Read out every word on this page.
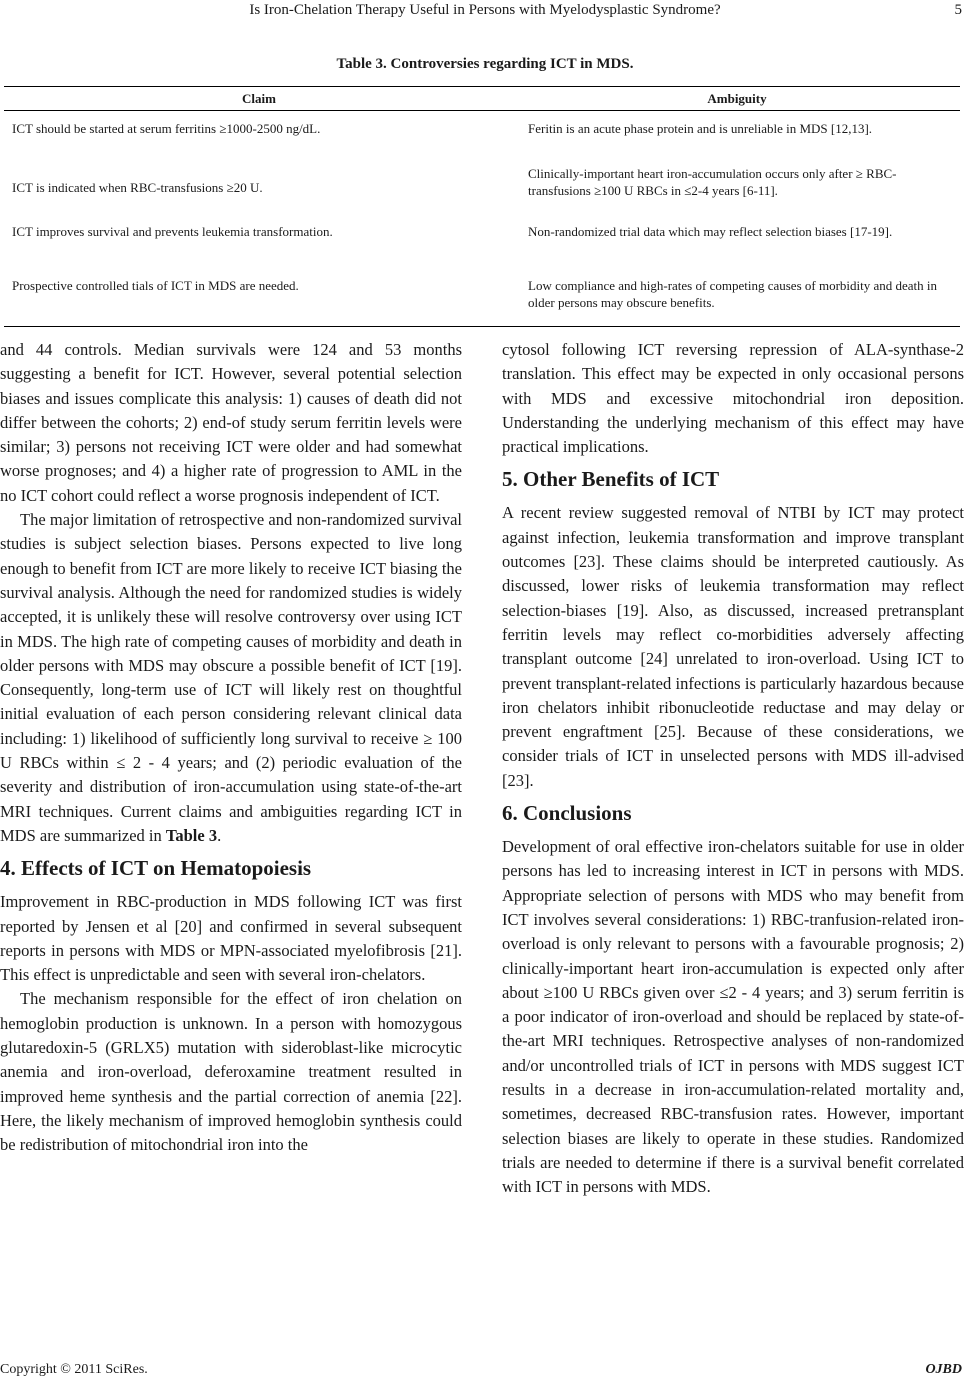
Is Iron-Chelation Therapy Useful in Persons with Myelodysplastic Syndrome?	5
Table 3. Controversies regarding ICT in MDS.
Claim	Ambiguity
ICT should be started at serum ferritins ≥1000-2500 ng/dL.	Feritin is an acute phase protein and is unreliable in MDS [12,13].
ICT is indicated when RBC-transfusions ≥20 U.	Clinically-important heart iron-accumulation occurs only after ≥ RBC-transfusions ≥100 U RBCs in ≤2-4 years [6-11].
ICT improves survival and prevents leukemia transformation.	Non-randomized trial data which may reflect selection biases [17-19].
Prospective controlled tials of ICT in MDS are needed.	Low compliance and high-rates of competing causes of morbidity and death in older persons may obscure benefits.

and 44 controls. Median survivals were 124 and 53 months suggesting a benefit for ICT. However, several potential selection biases and issues complicate this analysis: 1) causes of death did not differ between the cohorts; 2) end-of study serum ferritin levels were similar; 3) persons not receiving ICT were older and had somewhat worse prognoses; and 4) a higher rate of progression to AML in the no ICT cohort could reflect a worse prognosis independent of ICT.

The major limitation of retrospective and non-randomized survival studies is subject selection biases. Persons expected to live long enough to benefit from ICT are more likely to receive ICT biasing the survival analysis. Although the need for randomized studies is widely accepted, it is unlikely these will resolve controversy over using ICT in MDS. The high rate of competing causes of morbidity and death in older persons with MDS may obscure a possible benefit of ICT [19]. Consequently, long-term use of ICT will likely rest on thoughtful initial evaluation of each person considering relevant clinical data including: 1) likelihood of sufficiently long survival to receive ≥ 100 U RBCs within ≤ 2 - 4 years; and (2) periodic evaluation of the severity and distribution of iron-accumulation using state-of-the-art MRI techniques. Current claims and ambiguities regarding ICT in MDS are summarized in Table 3.

4. Effects of ICT on Hematopoiesis

Improvement in RBC-production in MDS following ICT was first reported by Jensen et al [20] and confirmed in several subsequent reports in persons with MDS or MPN-associated myelofibrosis [21]. This effect is unpredictable and seen with several iron-chelators.

The mechanism responsible for the effect of iron chelation on hemoglobin production is unknown. In a person with homozygous glutaredoxin-5 (GRLX5) mutation with sideroblast-like microcytic anemia and iron-overload, deferoxamine treatment resulted in improved heme synthesis and the partial correction of anemia [22]. Here, the likely mechanism of improved hemoglobin synthesis could be redistribution of mitochondrial iron into the

cytosol following ICT reversing repression of ALA-synthase-2 translation. This effect may be expected in only occasional persons with MDS and excessive mitochondrial iron deposition. Understanding the underlying mechanism of this effect may have practical implications.

5. Other Benefits of ICT

A recent review suggested removal of NTBI by ICT may protect against infection, leukemia transformation and improve transplant outcomes [23]. These claims should be interpreted cautiously. As discussed, lower risks of leukemia transformation may reflect selection-biases [19]. Also, as discussed, increased pretransplant ferritin levels may reflect co-morbidities adversely affecting transplant outcome [24] unrelated to iron-overload. Using ICT to prevent transplant-related infections is particularly hazardous because iron chelators inhibit ribonucleotide reductase and may delay or prevent engraftment [25]. Because of these considerations, we consider trials of ICT in unselected persons with MDS ill-advised [23].

6. Conclusions

Development of oral effective iron-chelators suitable for use in older persons has led to increasing interest in ICT in persons with MDS. Appropriate selection of persons with MDS who may benefit from ICT involves several considerations: 1) RBC-tranfusion-related iron-overload is only relevant to persons with a favourable prognosis; 2) clinically-important heart iron-accumulation is expected only after about ≥100 U RBCs given over ≤2 - 4 years; and 3) serum ferritin is a poor indicator of iron-overload and should be replaced by state-of-the-art MRI techniques. Retrospective analyses of non-randomized and/or uncontrolled trials of ICT in persons with MDS suggest ICT results in a decrease in iron-accumulation-related mortality and, sometimes, decreased RBC-transfusion rates. However, important selection biases are likely to operate in these studies. Randomized trials are needed to determine if there is a survival benefit correlated with ICT in persons with MDS.

Copyright © 2011 SciRes.	OJBD
